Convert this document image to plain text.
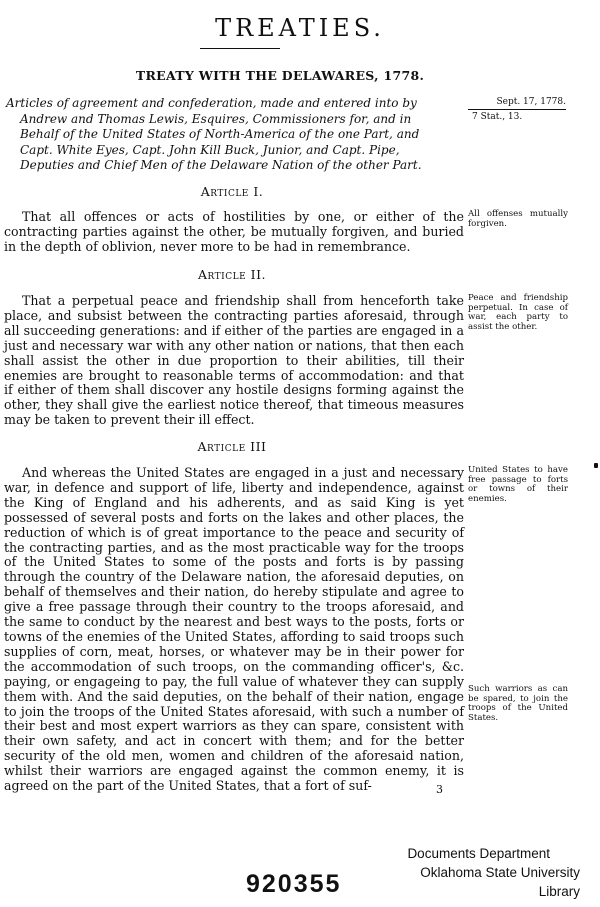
TREATIES.
TREATY WITH THE DELAWARES, 1778.
Articles of agreement and confederation, made and entered into by
Andrew and Thomas Lewis, Esquires, Commissioners for, and in
Behalf of the United States of North-America of the one Part, and
Capt. White Eyes, Capt. John Kill Buck, Junior, and Capt. Pipe,
Deputies and Chief Men of the Delaware Nation of the other Part.
Sept. 17, 1778.
7 Stat., 13.
Article I.
That all offences or acts of hostilities by one, or either of the contracting parties against the other, be mutually forgiven, and buried in the depth of oblivion, never more to be had in remembrance.
All offenses mutually forgiven.
Article II.
That a perpetual peace and friendship shall from henceforth take place, and subsist between the contracting parties aforesaid, through all succeeding generations: and if either of the parties are engaged in a just and necessary war with any other nation or nations, that then each shall assist the other in due proportion to their abilities, till their enemies are brought to reasonable terms of accommodation: and that if either of them shall discover any hostile designs forming against the other, they shall give the earliest notice thereof, that timeous measures may be taken to prevent their ill effect.
Peace and friendship perpetual. In case of war, each party to assist the other.
Article III
And whereas the United States are engaged in a just and necessary war, in defence and support of life, liberty and independence, against the King of England and his adherents, and as said King is yet possessed of several posts and forts on the lakes and other places, the reduction of which is of great importance to the peace and security of the contracting parties, and as the most practicable way for the troops of the United States to some of the posts and forts is by passing through the country of the Delaware nation, the aforesaid deputies, on behalf of themselves and their nation, do hereby stipulate and agree to give a free passage through their country to the troops aforesaid, and the same to conduct by the nearest and best ways to the posts, forts or towns of the enemies of the United States, affording to said troops such supplies of corn, meat, horses, or whatever may be in their power for the accommodation of such troops, on the commanding officer's, &c. paying, or engageing to pay, the full value of whatever they can supply them with. And the said deputies, on the behalf of their nation, engage to join the troops of the United States aforesaid, with such a number of their best and most expert warriors as they can spare, consistent with their own safety, and act in concert with them; and for the better security of the old men, women and children of the aforesaid nation, whilst their warriors are engaged against the common enemy, it is agreed on the part of the United States, that a fort of suf-
United States to have free passage to forts or towns of their enemies.
Such warriors as can be spared, to join the troops of the United States.
3
Documents Department
Oklahoma State University Library
920355
